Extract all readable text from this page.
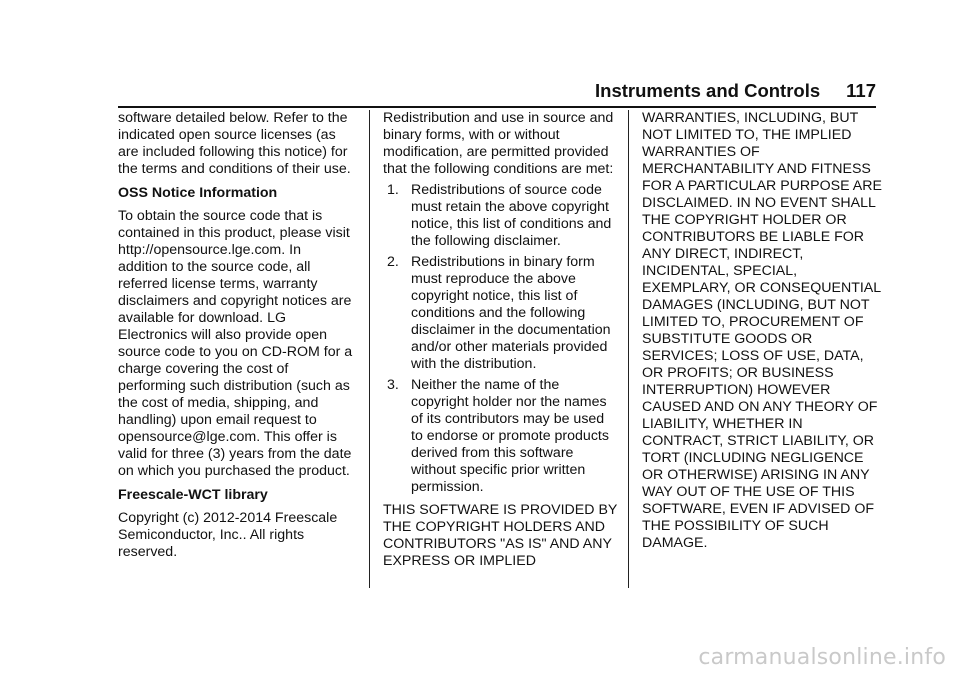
Instruments and Controls 117

software detailed below. Refer to the indicated open source licenses (as are included following this notice) for the terms and conditions of their use.

OSS Notice Information

To obtain the source code that is contained in this product, please visit http://opensource.lge.com. In addition to the source code, all referred license terms, warranty disclaimers and copyright notices are available for download. LG Electronics will also provide open source code to you on CD-ROM for a charge covering the cost of performing such distribution (such as the cost of media, shipping, and handling) upon email request to opensource@lge.com. This offer is valid for three (3) years from the date on which you purchased the product.

Freescale-WCT library

Copyright (c) 2012-2014 Freescale Semiconductor, Inc.. All rights reserved.

Redistribution and use in source and binary forms, with or without modification, are permitted provided that the following conditions are met:

1. Redistributions of source code must retain the above copyright notice, this list of conditions and the following disclaimer.
2. Redistributions in binary form must reproduce the above copyright notice, this list of conditions and the following disclaimer in the documentation and/or other materials provided with the distribution.
3. Neither the name of the copyright holder nor the names of its contributors may be used to endorse or promote products derived from this software without specific prior written permission.

THIS SOFTWARE IS PROVIDED BY THE COPYRIGHT HOLDERS AND CONTRIBUTORS "AS IS" AND ANY EXPRESS OR IMPLIED

WARRANTIES, INCLUDING, BUT NOT LIMITED TO, THE IMPLIED WARRANTIES OF MERCHANTABILITY AND FITNESS FOR A PARTICULAR PURPOSE ARE DISCLAIMED. IN NO EVENT SHALL THE COPYRIGHT HOLDER OR CONTRIBUTORS BE LIABLE FOR ANY DIRECT, INDIRECT, INCIDENTAL, SPECIAL, EXEMPLARY, OR CONSEQUENTIAL DAMAGES (INCLUDING, BUT NOT LIMITED TO, PROCUREMENT OF SUBSTITUTE GOODS OR SERVICES; LOSS OF USE, DATA, OR PROFITS; OR BUSINESS INTERRUPTION) HOWEVER CAUSED AND ON ANY THEORY OF LIABILITY, WHETHER IN CONTRACT, STRICT LIABILITY, OR TORT (INCLUDING NEGLIGENCE OR OTHERWISE) ARISING IN ANY WAY OUT OF THE USE OF THIS SOFTWARE, EVEN IF ADVISED OF THE POSSIBILITY OF SUCH DAMAGE.

carmanualsonline.info
